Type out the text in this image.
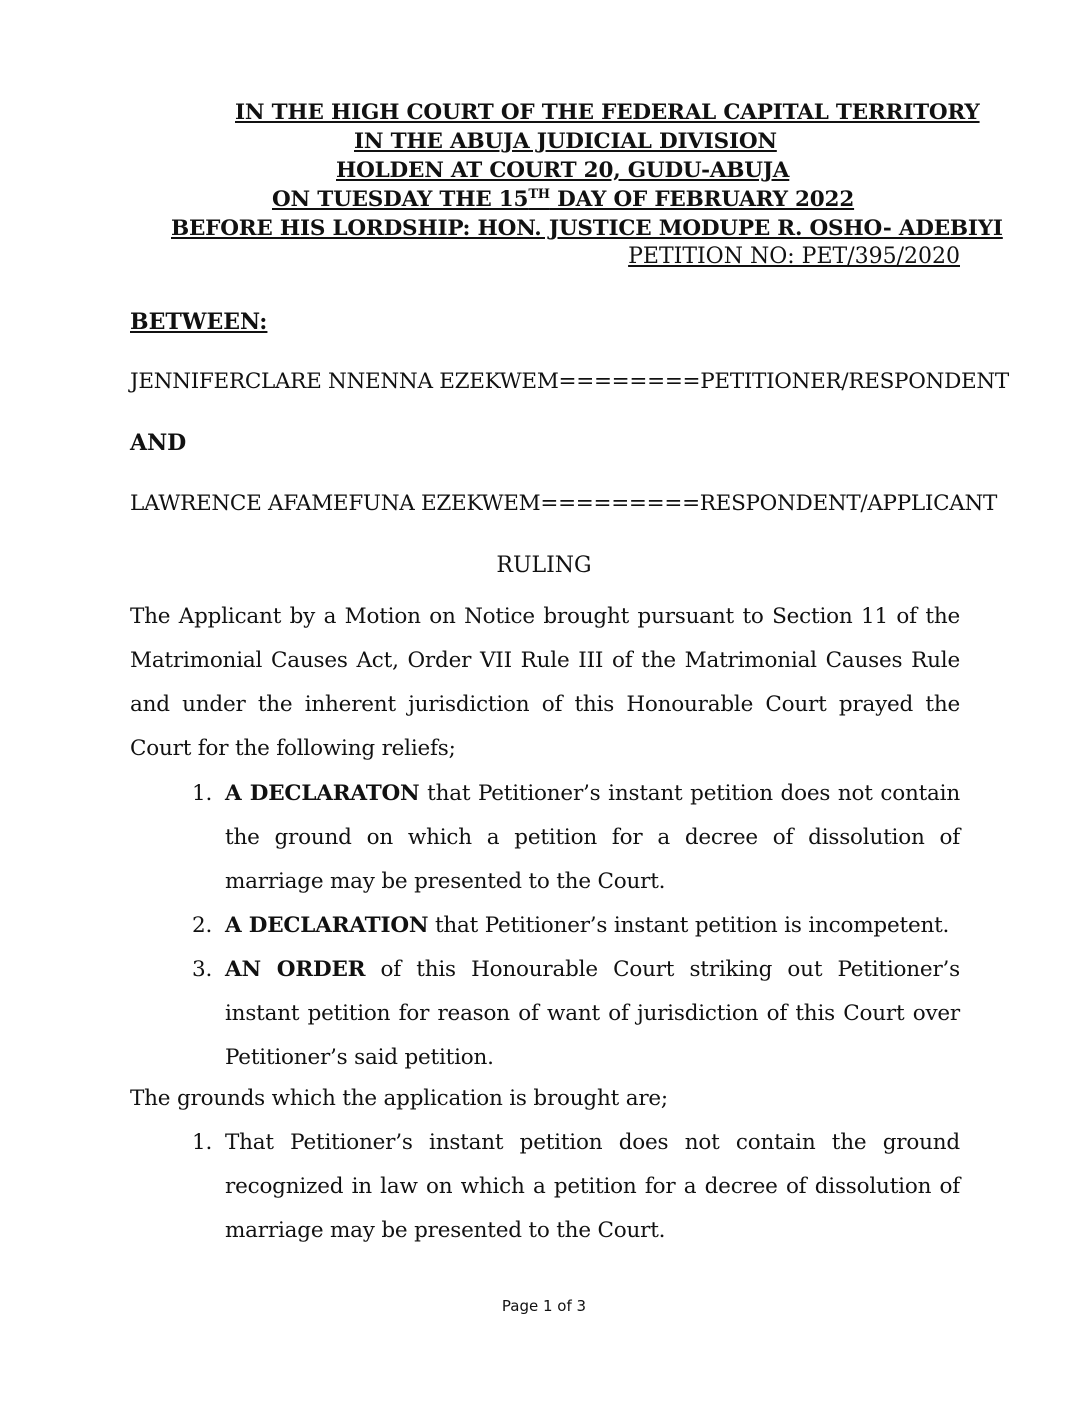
IN THE HIGH COURT OF THE FEDERAL CAPITAL TERRITORY
IN THE ABUJA JUDICIAL DIVISION
HOLDEN AT COURT 20, GUDU-ABUJA
ON TUESDAY THE 15TH DAY OF FEBRUARY 2022
BEFORE HIS LORDSHIP: HON. JUSTICE MODUPE R. OSHO- ADEBIYI
PETITION NO: PET/395/2020
BETWEEN:
JENNIFERCLARE NNENNA EZEKWEM========PETITIONER/RESPONDENT
AND
LAWRENCE AFAMEFUNA EZEKWEM=========RESPONDENT/APPLICANT
RULING
The Applicant by a Motion on Notice brought pursuant to Section 11 of the Matrimonial Causes Act, Order VII Rule III of the Matrimonial Causes Rule and under the inherent jurisdiction of this Honourable Court prayed the Court for the following reliefs;
1. A DECLARATON that Petitioner’s instant petition does not contain the ground on which a petition for a decree of dissolution of marriage may be presented to the Court.
2. A DECLARATION that Petitioner’s instant petition is incompetent.
3. AN ORDER of this Honourable Court striking out Petitioner’s instant petition for reason of want of jurisdiction of this Court over Petitioner’s said petition.
The grounds which the application is brought are;
1. That Petitioner’s instant petition does not contain the ground recognized in law on which a petition for a decree of dissolution of marriage may be presented to the Court.
Page 1 of 3
